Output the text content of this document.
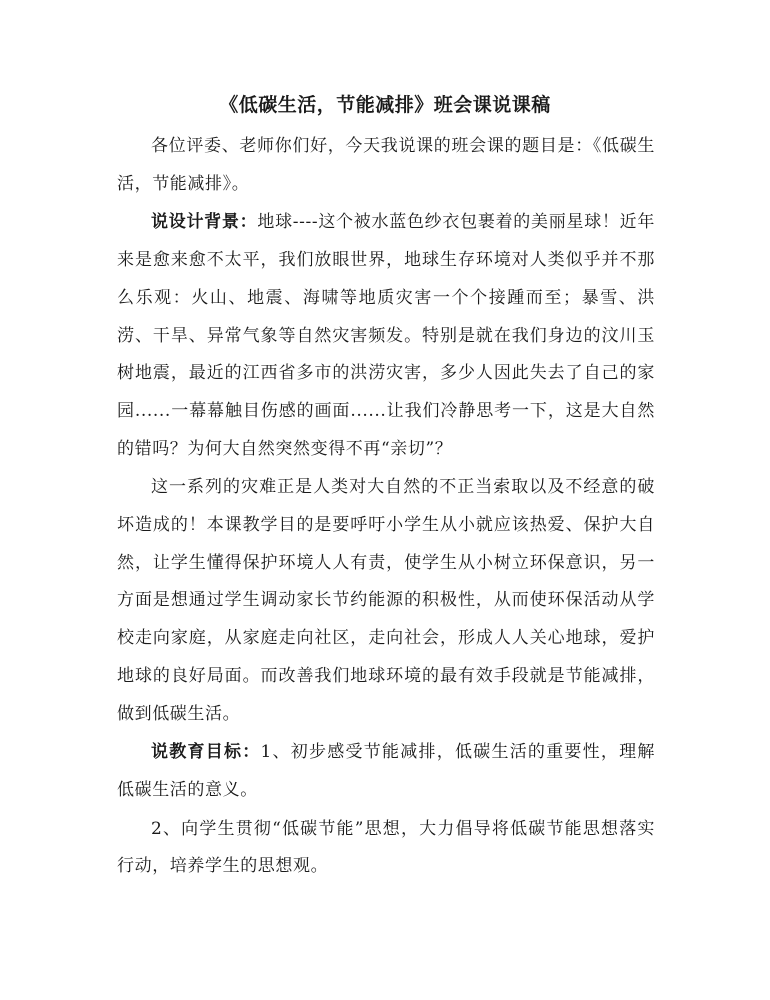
《低碳生活，节能减排》班会课说课稿

各位评委、老师你们好，今天我说课的班会课的题目是：《低碳生活，节能减排》。

说设计背景：地球----这个被水蓝色纱衣包裹着的美丽星球！近年来是愈来愈不太平，我们放眼世界，地球生存环境对人类似乎并不那么乐观：火山、地震、海啸等地质灾害一个个接踵而至；暴雪、洪涝、干旱、异常气象等自然灾害频发。特别是就在我们身边的汶川玉树地震，最近的江西省多市的洪涝灾害，多少人因此失去了自己的家园......一幕幕触目伤感的画面......让我们冷静思考一下，这是大自然的错吗？为何大自然突然变得不再“亲切”？

这一系列的灾难正是人类对大自然的不正当索取以及不经意的破坏造成的！本课教学目的是要呼吁小学生从小就应该热爱、保护大自然，让学生懂得保护环境人人有责，使学生从小树立环保意识，另一方面是想通过学生调动家长节约能源的积极性，从而使环保活动从学校走向家庭，从家庭走向社区，走向社会，形成人人关心地球，爱护地球的良好局面。而改善我们地球环境的最有效手段就是节能减排，做到低碳生活。

说教育目标：1、初步感受节能减排，低碳生活的重要性，理解低碳生活的意义。

2、向学生贯彻“低碳节能”思想，大力倡导将低碳节能思想落实行动，培养学生的思想观。
